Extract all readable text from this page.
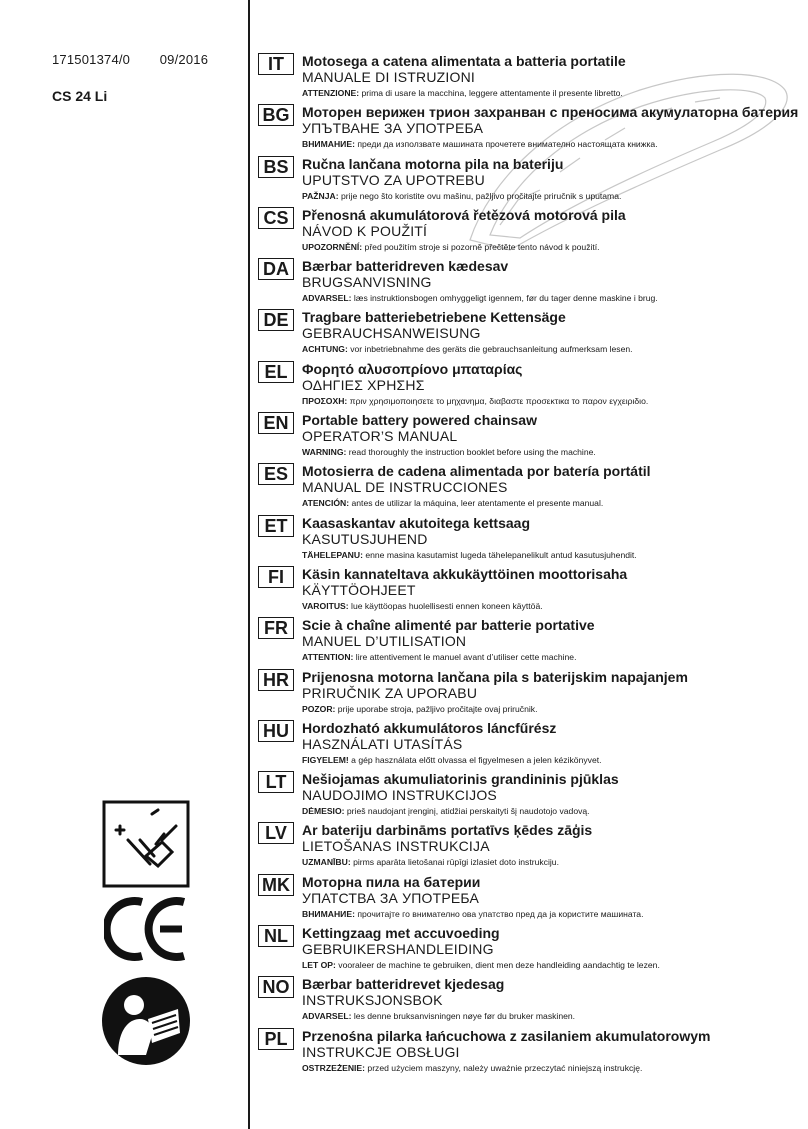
171501374/0 09/2016
CS 24 Li
IT	Motosega a catena alimentata a batteria portatile
MANUALE DI ISTRUZIONI
ATTENZIONE: prima di usare la macchina, leggere attentamente il presente libretto.
BG Моторен верижен трион захранван с преносима акумулаторна батерия
УПЪТВАНЕ ЗА УПОТРЕБА
ВНИМАНИЕ: преди да използвате машината прочетете внимателно настоящата книжка.
BS Ručna lančana motorna pila na bateriju
UPUTSTVO ZA UPOTREBU
PAŽNJA: prije nego što koristite ovu mašinu, pažljivo pročitajte priručnik s uputama.
CS Přenosná akumulátorová řetězová motorová pila
NÁVOD K POUŽITÍ
UPOZORNĚNÍ: před použitím stroje si pozorně přečtěte tento návod k použití.
DA Bærbar batteridreven kædesav
BRUGSANVISNING
ADVARSEL: læs instruktionsbogen omhyggeligt igennem, før du tager denne maskine i brug.
DE Tragbare batteriebetriebene Kettensäge
GEBRAUCHSANWEISUNG
ACHTUNG: vor inbetriebnahme des geräts die gebrauchsanleitung aufmerksam lesen.
EL	Φορητό αλυσοπρίονο μπαταρίας
ΟΔΗΓΙΕΣ ΧΡΗΣΗΣ
ΠΡΟΣΟΧΗ: πριν χρησιμοποιησετε το μηχανημα, διαβαστε προσεκτικα το παρον εγχειριδιο.
EN Portable battery powered chainsaw
OPERATOR’S MANUAL
WARNING: read thoroughly the instruction booklet before using the machine.
ES	Motosierra de cadena alimentada por batería portátil
MANUAL DE INSTRUCCIONES
ATENCIÓN: antes de utilizar la máquina, leer atentamente el presente manual.
ET	Kaasaskantav akutoitega kettsaag
KASUTUSJUHEND
TÄHELEPANU: enne masina kasutamist lugeda tähelepanelikult antud kasutusjuhendit.
FI	Käsin kannateltava akkukäyttöinen moottorisaha
KÄYTTÖOHJEET
VAROITUS: lue käyttöopas huolellisesti ennen koneen käyttöä.
FR	Scie à chaîne alimenté par batterie portative
MANUEL D’UTILISATION
ATTENTION: lire attentivement le manuel avant d’utiliser cette machine.
HR Prijenosna motorna lančana pila s baterijskim napajanjem
PRIRUČNIK ZA UPORABU
POZOR: prije uporabe stroja, pažljivo pročitajte ovaj priručnik.
HU Hordozható akkumulátoros láncfűrész
HASZNÁLATI UTASÍTÁS
FIGYELEM! a gép használata előtt olvassa el figyelmesen a jelen kézikönyvet.
LT	Nešiojamas akumuliatorinis grandininis pjūklas
NAUDOJIMO INSTRUKCIJOS
DĖMESIO: prieš naudojant įrenginį, atidžiai perskaityti šį naudotojo vadovą.
LV	Ar bateriju darbināms portatīvs ķēdes zāģis
LIETOŠANAS INSTRUKCIJA
UZMANĪBU: pirms aparāta lietošanai rūpīgi izlasiet doto instrukciju.
MK Моторна пила на батерии
УПАТСТВА ЗА УПОТРЕБА
ВНИМАНИЕ: прочитајте го внимателно ова упатство пред да ја користите машината.
NL	Kettingzaag met accuvoeding
GEBRUIKERSHANDLEIDING
LET OP: vooraleer de machine te gebruiken, dient men deze handleiding aandachtig te lezen.
NO Bærbar batteridrevet kjedesag
INSTRUKSJONSBOK
ADVARSEL: les denne bruksanvisningen nøye før du bruker maskinen.
PL	Przenośna pilarka łańcuchowa z zasilaniem akumulatorowym
INSTRUKCJE OBSŁUGI
OSTRZEŻENIE: przed użyciem maszyny, należy uważnie przeczytać niniejszą instrukcję.
